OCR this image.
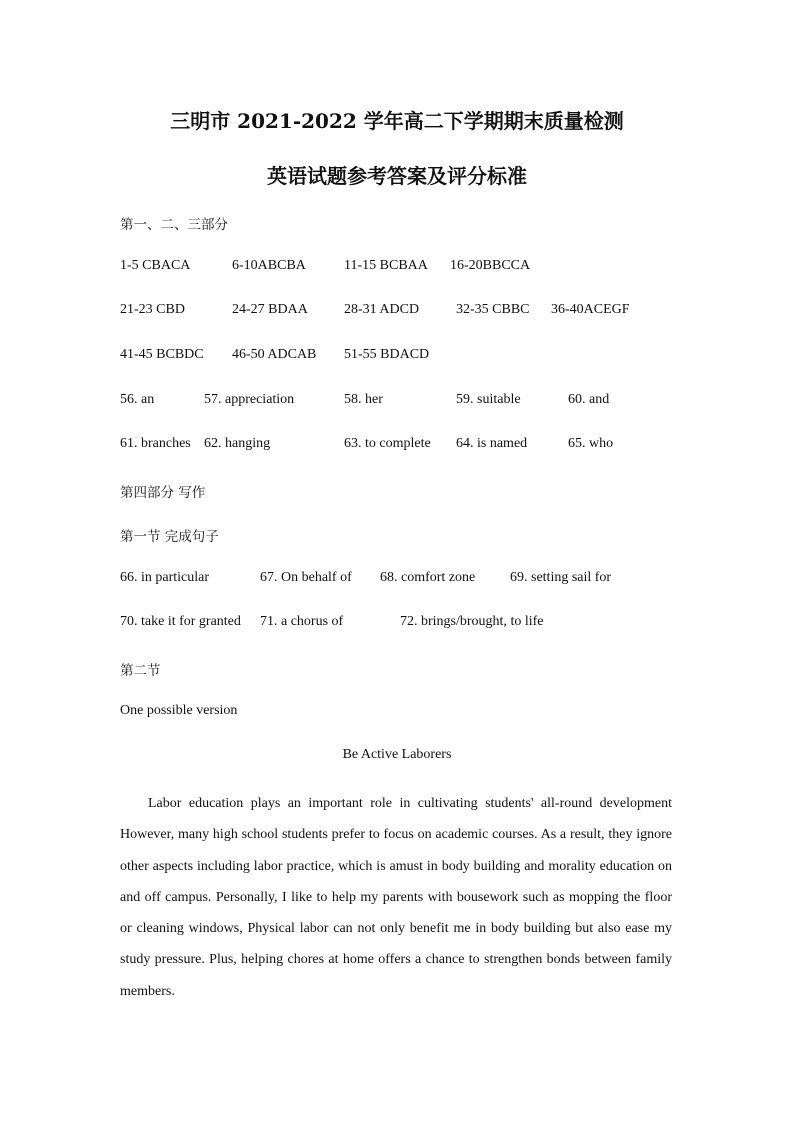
三明市 2021-2022 学年高二下学期期末质量检测
英语试题参考答案及评分标准
第一、二、三部分
1-5 CBACA	6-10ABCBA	11-15 BCBAA 16-20BBCCA
21-23 CBD	24-27 BDAA	28-31 ADCD	32-35 CBBC 36-40ACEGF
41-45 BCBDC 46-50 ADCAB 51-55 BDACD
56. an	57. appreciation	58. her	59. suitable	60. and
61. branches 62. hanging	63. to complete 64. is named	65. who
第四部分 写作
第一节 完成句子
66. in particular	67. On behalf of 68. comfort zone 69. setting sail for
70. take it for granted 71. a chorus of	72. brings/brought, to life
第二节
One possible version
Be Active Laborers

Labor education plays an important role in cultivating students' all-round development However, many high school students prefer to focus on academic courses. As a result, they ignore other aspects including labor practice, which is amust in body building and morality education on and off campus. Personally, I like to help my parents with bousework such as mopping the floor or cleaning windows, Physical labor can not only benefit me in body building but also ease my study pressure. Plus, helping chores at home offers a chance to strengthen bonds between family members.
